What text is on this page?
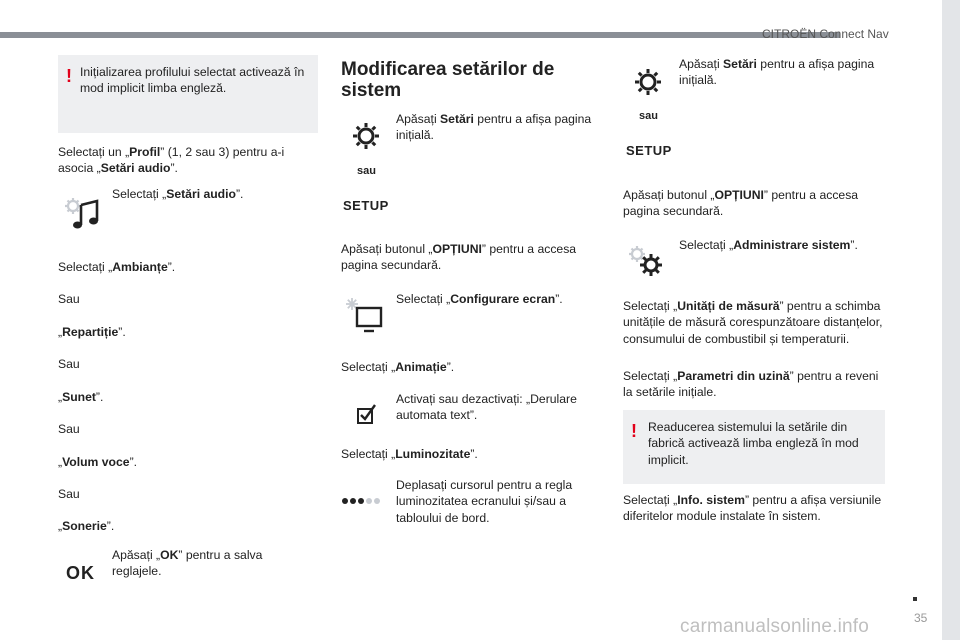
CITROËN Connect Nav
35
carmanualsonline.info
! Inițializarea profilului selectat activează în mod implicit limba engleză.

Selectați un „Profil” (1, 2 sau 3) pentru a-i asocia „Setări audio”.

Selectați „Setări audio”.

Selectați „Ambianțe”.

Sau

„Repartiție”.

Sau

„Sunet”.

Sau

„Volum voce”.

Sau

„Sonerie”.

OK

Apăsați „OK” pentru a salva reglajele.

Modificarea setărilor de sistem
sau
SETUP

Apăsați Setări pentru a afișa pagina inițială.

Apăsați butonul „OPȚIUNI” pentru a accesa pagina secundară.

Selectați „Configurare ecran”.

Selectați „Animație”.

Activați sau dezactivați: „Derulare automata text”.

Selectați „Luminozitate”.

Deplasați cursorul pentru a regla luminozitatea ecranului și/sau a tabloului de bord.

sau
SETUP

Apăsați Setări pentru a afișa pagina inițială.

Apăsați butonul „OPȚIUNI” pentru a accesa pagina secundară.

Selectați „Administrare sistem”.

Selectați „Unități de măsură” pentru a schimba unitățile de măsură corespunzătoare distanțelor, consumului de combustibil și temperaturii.

Selectați „Parametri din uzină” pentru a reveni la setările inițiale.

! Readucerea sistemului la setările din fabrică activează limba engleză în mod implicit.

Selectați „Info. sistem” pentru a afișa versiunile diferitelor module instalate în sistem.
